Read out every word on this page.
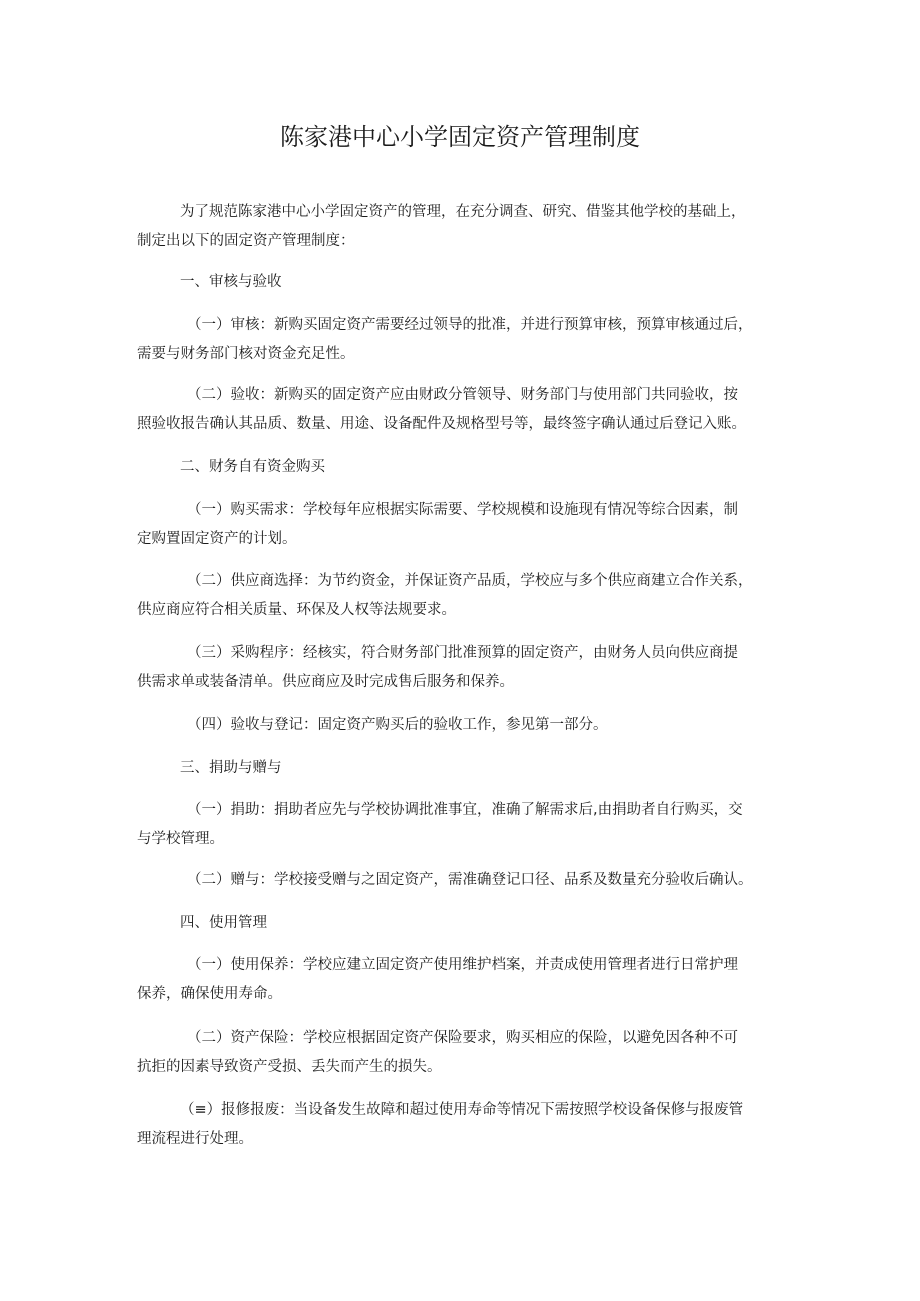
陈家港中心小学固定资产管理制度

为了规范陈家港中心小学固定资产的管理，在充分调查、研究、借鉴其他学校的基础上，
制定出以下的固定资产管理制度：

一、审核与验收

（一）审核：新购买固定资产需要经过领导的批准，并进行预算审核，预算审核通过后，
需要与财务部门核对资金充足性。

（二）验收：新购买的固定资产应由财政分管领导、财务部门与使用部门共同验收，按
照验收报告确认其品质、数量、用途、设备配件及规格型号等，最终签字确认通过后登记入账。

二、财务自有资金购买

（一）购买需求：学校每年应根据实际需要、学校规模和设施现有情况等综合因素，制
定购置固定资产的计划。

（二）供应商选择：为节约资金，并保证资产品质，学校应与多个供应商建立合作关系，
供应商应符合相关质量、环保及人权等法规要求。

（三）采购程序：经核实，符合财务部门批准预算的固定资产，由财务人员向供应商提
供需求单或装备清单。供应商应及时完成售后服务和保养。

（四）验收与登记：固定资产购买后的验收工作，参见第一部分。

三、捐助与赠与

（一）捐助：捐助者应先与学校协调批准事宜，准确了解需求后,由捐助者自行购买，交
与学校管理。

（二）赠与：学校接受赠与之固定资产，需准确登记口径、品系及数量充分验收后确认。

四、使用管理

（一）使用保养：学校应建立固定资产使用维护档案，并责成使用管理者进行日常护理
保养，确保使用寿命。

（二）资产保险：学校应根据固定资产保险要求，购买相应的保险，以避免因各种不可
抗拒的因素导致资产受损、丢失而产生的损失。

（≡）报修报废：当设备发生故障和超过使用寿命等情况下需按照学校设备保修与报废管
理流程进行处理。
